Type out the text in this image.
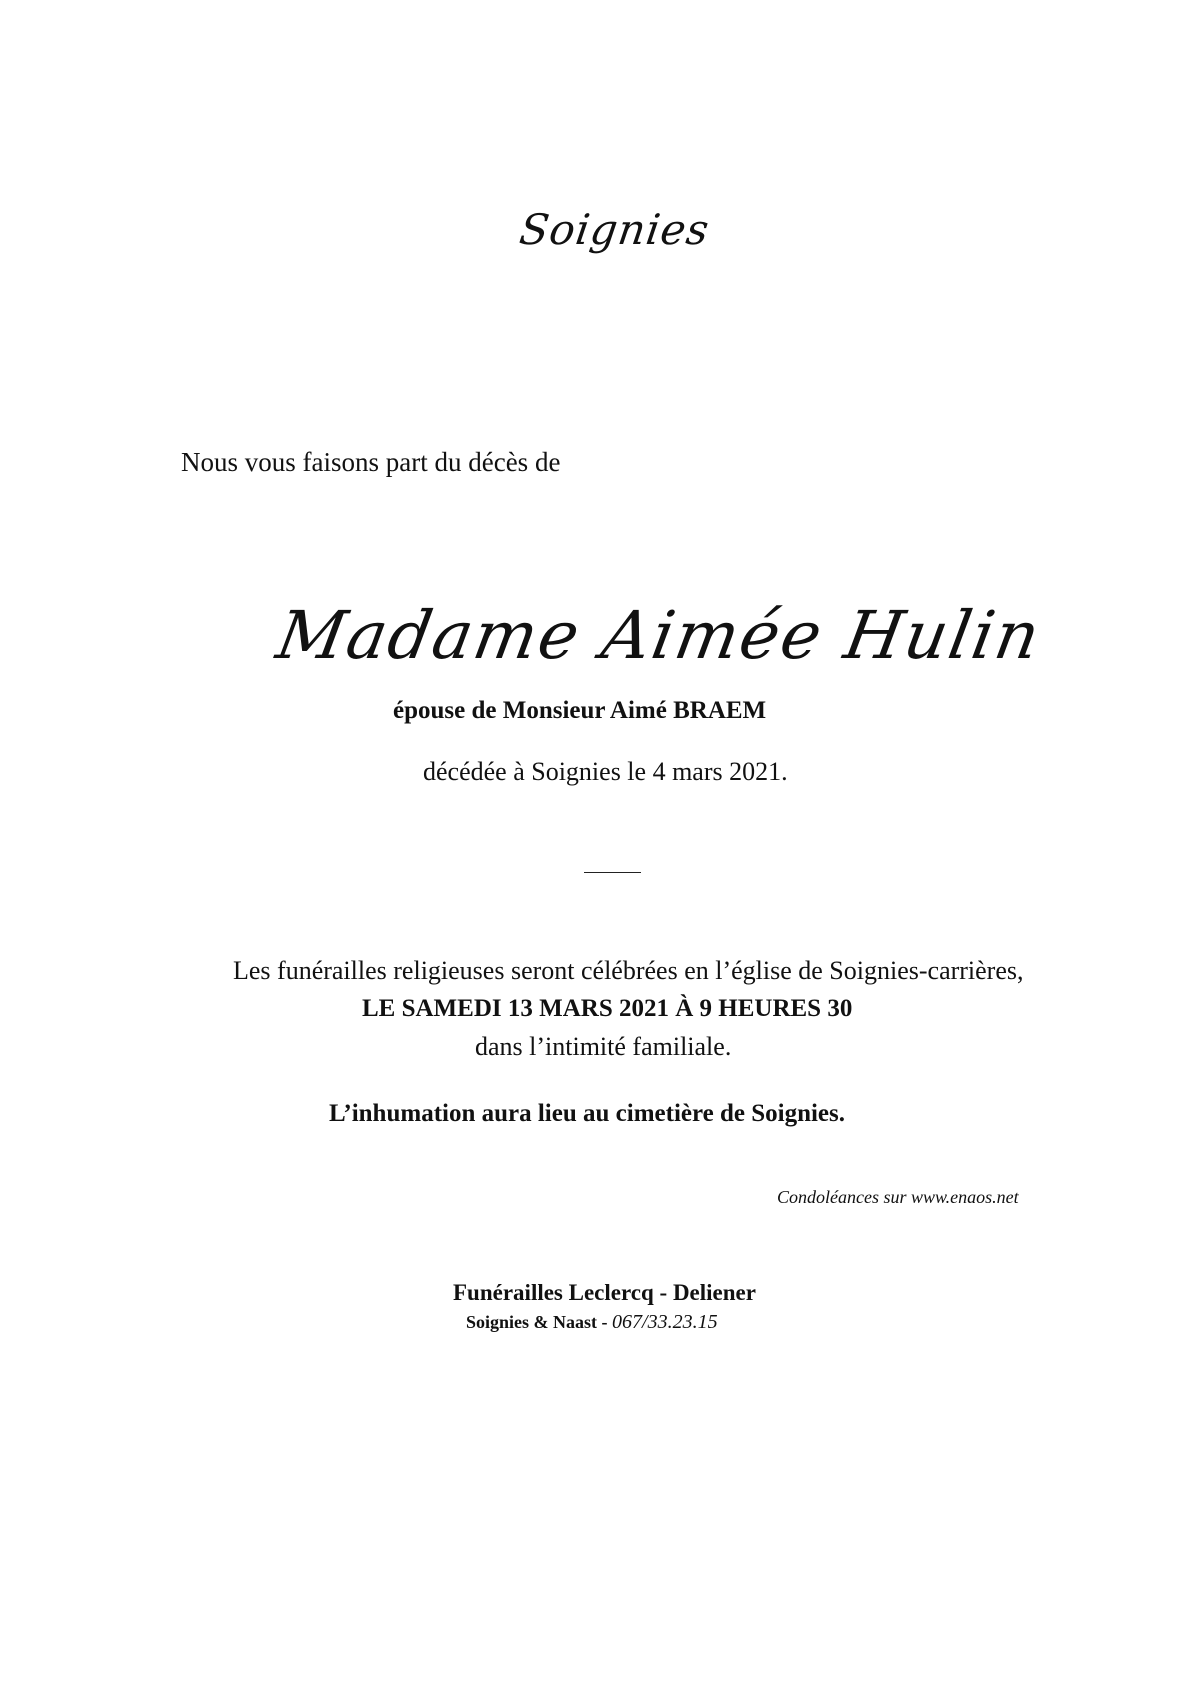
Soignies
Nous vous faisons part du décès de
Madame Aimée Hulin
épouse de Monsieur Aimé BRAEM
décédée à Soignies le 4 mars 2021.
Les funérailles religieuses seront célébrées en l’église de Soignies-carrières,
LE SAMEDI 13 MARS 2021 À 9 HEURES 30
dans l’intimité familiale.
L’inhumation aura lieu au cimetière de Soignies.
Condoléances sur www.enaos.net
Funérailles Leclercq - Deliener
Soignies & Naast - 067/33.23.15
